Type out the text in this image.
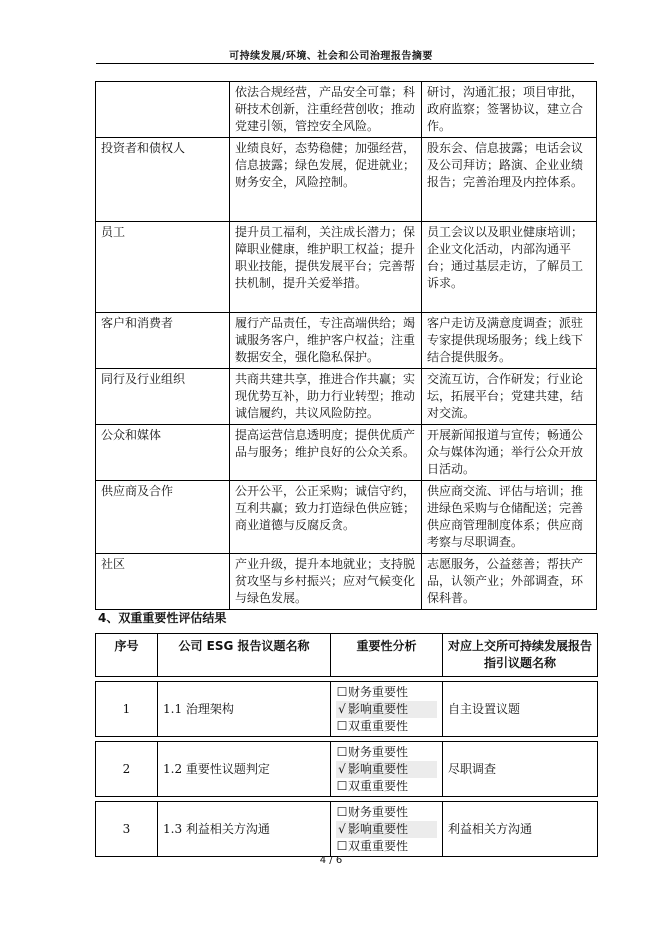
可持续发展/环境、社会和公司治理报告摘要
	依法合规经营，产品安全可靠；科研技术创新，注重经营创收；推动党建引领，管控安全风险。	研讨，沟通汇报；项目审批，政府监察；签署协议，建立合作。
投资者和债权人	业绩良好，态势稳健；加强经营，信息披露；绿色发展，促进就业；财务安全，风险控制。	股东会、信息披露；电话会议及公司拜访；路演、企业业绩报告；完善治理及内控体系。
员工	提升员工福利，关注成长潜力；保障职业健康，维护职工权益；提升职业技能，提供发展平台；完善帮扶机制，提升关爱举措。	员工会议以及职业健康培训；企业文化活动，内部沟通平台；通过基层走访，了解员工诉求。
客户和消费者	履行产品责任，专注高端供给；竭诚服务客户，维护客户权益；注重数据安全，强化隐私保护。	客户走访及满意度调查；派驻专家提供现场服务；线上线下结合提供服务。
同行及行业组织	共商共建共享，推进合作共赢；实现优势互补，助力行业转型；推动诚信履约，共议风险防控。	交流互访，合作研发；行业论坛，拓展平台；党建共建，结对交流。
公众和媒体	提高运营信息透明度；提供优质产品与服务；维护良好的公众关系。	开展新闻报道与宣传；畅通公众与媒体沟通；举行公众开放日活动。
供应商及合作	公开公平，公正采购；诚信守约，互利共赢；致力打造绿色供应链；商业道德与反腐反贪。	供应商交流、评估与培训；推进绿色采购与仓储配送；完善供应商管理制度体系；供应商考察与尽职调查。
社区	产业升级，提升本地就业；支持脱贫攻坚与乡村振兴；应对气候变化与绿色发展。	志愿服务，公益慈善；帮扶产品，认领产业；外部调查，环保科普。
4、双重重要性评估结果
序号	公司 ESG 报告议题名称	重要性分析	对应上交所可持续发展报告指引议题名称

1	1.1 治理架构	☐财务重要性
√ 影响重要性
☐双重重要性	自主设置议题

2	1.2 重要性议题判定	☐财务重要性
√ 影响重要性
☐双重重要性	尽职调查

3	1.3 利益相关方沟通	☐财务重要性
√ 影响重要性
☐双重重要性	利益相关方沟通
4 / 6
